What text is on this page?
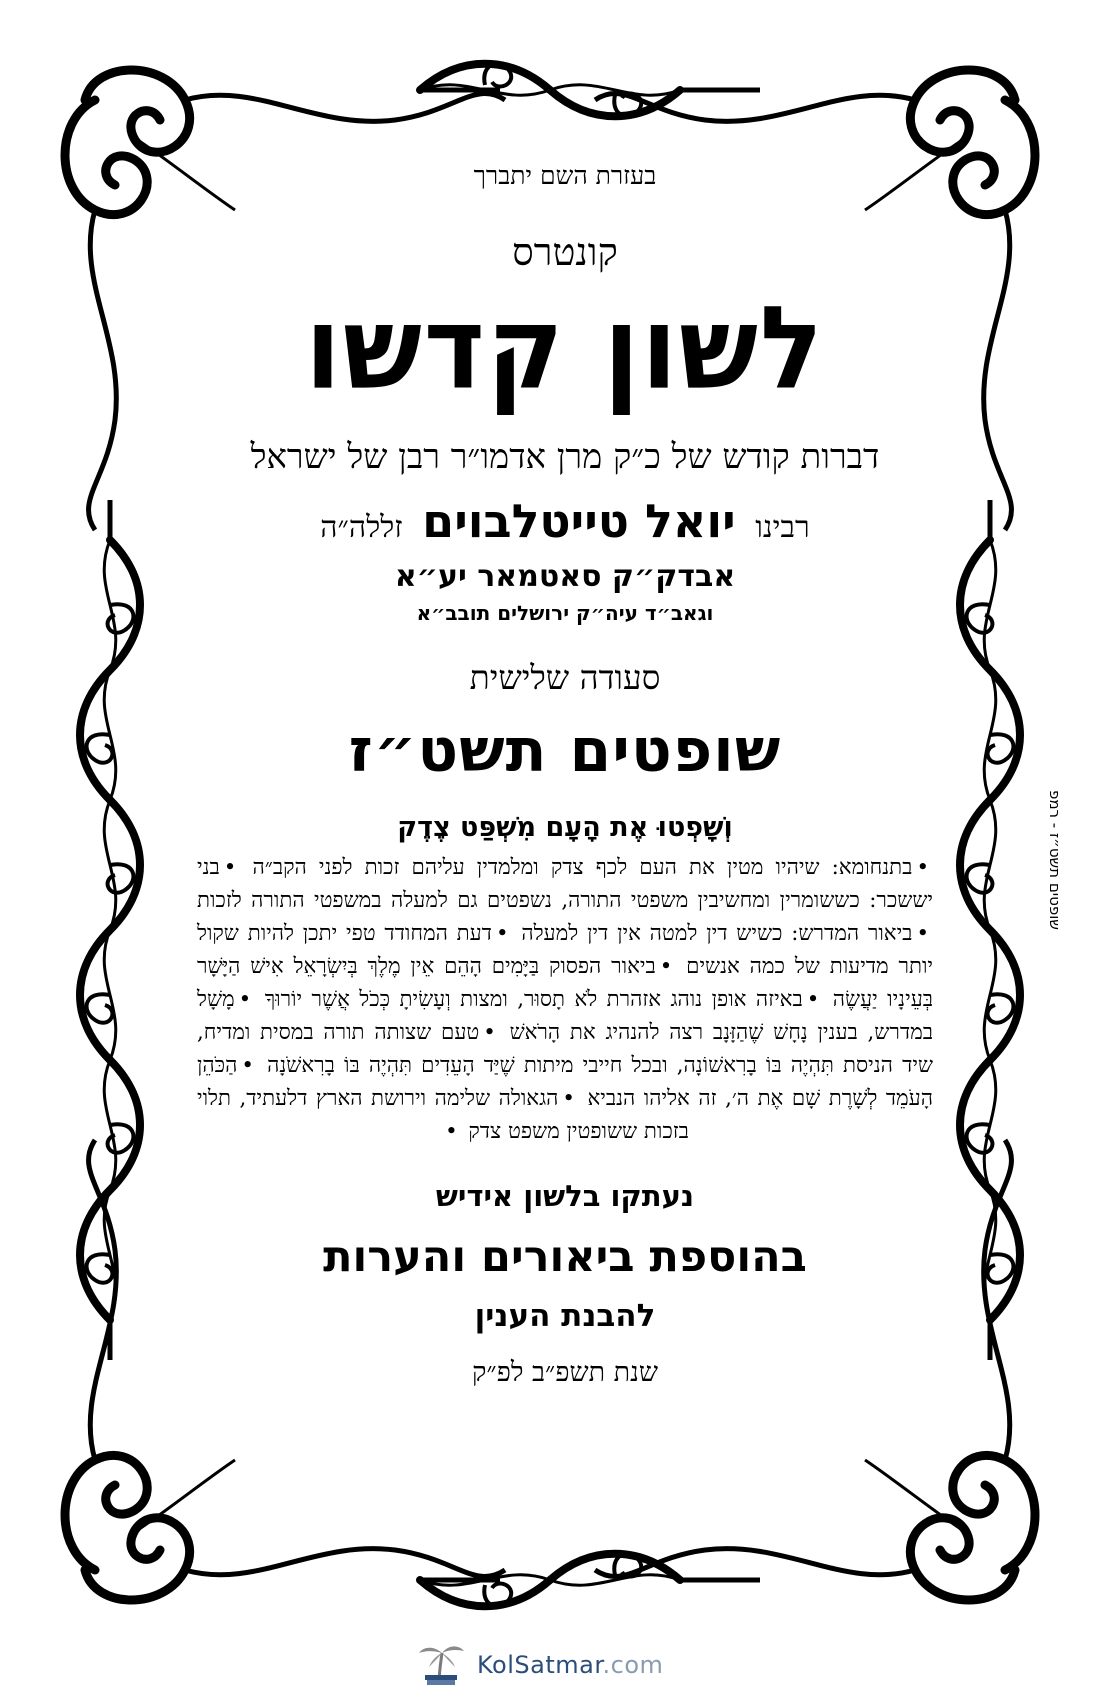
בעזרת השם יתברך

קונטרס

לשון קדשו

דברות קודש של כ״ק מרן אדמו״ר רבן של ישראל

רבינו יואל טייטלבוים זללה״ה

אבדק״ק סאטמאר יע״א

וגאב״ד עיה״ק ירושלים תובב״א

סעודה שלישית

שופטים תשט״ז

וְשָׁפְטוּ אֶת הָעָם מִשְׁפַּט צֶדֶק

•בתנחומא: שיהיו מטין את העם לכף צדק ומלמדין עליהם זכות לפני הקב״ה •בני יששכר: כששומרין ומחשיבין משפטי התורה, נשפטים גם למעלה במשפטי התורה לזכות •ביאור המדרש: כשיש דין למטה אין דין למעלה •דעת המחודד טפי יתכן להיות שקול יותר מדיעות של כמה אנשים •ביאור הפסוק בַּיָּמִים הָהֵם אֵין מֶלֶךְ בְּיִשְׂרָאֵל אִישׁ הַיָּשָׁר בְּעֵינָיו יַעֲשֶׂה •באיזה אופן נוהג אזהרת לֹא תָסוּר, ומצות וְעָשִׂיתָ כְּכֹל אֲשֶׁר יוֹרוּךָ •מָשָׁל במדרש, בענין נָחָשׁ שֶׁהַזָּנָב רצה להנהיג את הָרֹאשׁ •טעם שצותה תורה במסית ומדיח, שיד הניסת תִּהְיֶה בּוֹ בָרִאשׁוֹנָה, ובכל חייבי מיתות שֶׁיַּד הָעֵדִים תִּהְיֶה בּוֹ בָרִאשֹׁנָה •הַכֹּהֵן הָעֹמֵד לְשָׁרֶת שָׁם אֶת ה׳, זה אליהו הנביא •הגאולה שלימה וירושת הארץ דלעתיד, תלוי בזכות ששופטין משפט צדק •

נעתקו בלשון אידיש

בהוספת ביאורים והערות

להבנת הענין

שנת תשפ״ב לפ״ק

שופטים תשט״ז - רמפ
KolSatmar.com
